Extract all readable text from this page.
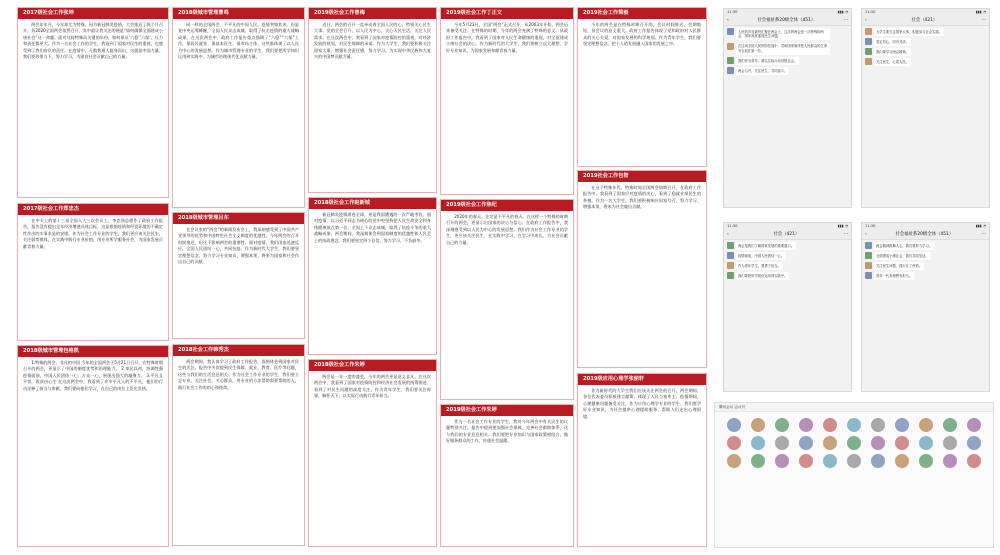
2017级社会工作张坤

两会年年开，今年却尤为特殊，因为新冠肺炎疫情，大会推迟了两个月召开。但2020全国两会依然召开，其中最让我关注的便是“如何确保全面建成小康社会”这一命题。面对这样特殊而关键的年份，如何保证‘六稳’‘六保’，压力和责任都更大。作为一名社会工作的学生，我看到了国家对民生的重视，也感受到了我们肩负的责任。在疫情中，无数普通人挺身而出，这就是中国力量。我们要珍惜当下，努力学习，为建设社会贡献自己的力量。

2017级社会工作郑忠杰

在中关上的第十三届全国人大三次会议上，李克强总理作了政府工作报告，报告没有提出全年经济增速具体目标，这是根据疫情和经贸环境的不确定性作出的实事求是的安排。作为社会工作专业的学生，我们更应该关注民生，关注弱势群体，在实践中践行专业价值，用专业所学服务社会，为国家发展贡献青春力量。

2018级城市管理包格凯

1.特殊的两会，非凡的中国 今年的全国两会于5月21日召开，在特殊时期召开的两会，更显示了中国的制度优势和治理能力。 2.奉民以初，协调性强 疫情面前，中国人民团结一心，万众一心，展现出强大的凝聚力。 3.平凡且平常，收获由心生 在这次两会中，我看到了许多平凡人的不平凡，他们用行动诠释了担当与奉献，我们要向他们学习，在自己的岗位上发光发热。

2018级城市管理曹鸣

同一样的全国两会，不平凡的中国人民。疫情突如其来，但是党中央运筹帷幄，全国人民众志成城，取得了抗击疫情的重大战略成果。在这次两会中，政府工作报告重点强调了“六稳”“六保”工作，保居民就业、保基本民生、保市场主体，这些都体现了以人民为中心的发展思想。作为城市管理专业的学生，我们要把所学知识运用到实践中，为城市治理现代化贡献力量。

2018级城市管理吕东

在会议室的“两会”的新闻发布会上，我深刻感受到了中国共产党领导的优势和中国特色社会主义制度的优越性。今年两会的召开时间推迟，但这不影响两会的重要性。面对疫情，我们国家迅速反应，全国人民团结一心，共同抗疫。作为新时代大学生，我们要坚定理想信念，努力学习专业知识，增强本领，将来为国家和社会作出自己的贡献。

2018社会工作韩秀杰

两会期间，我认真学习了政府工作报告，深刻体会到国家对民生的关注。报告中多次提到民生保障、就业、教育、医疗等问题，这些与我们的生活息息相关。作为社会工作专业的学生，我们要立足专业，关注社会，关心群众，用专业的方法帮助需要帮助的人，践行社会工作的初心和使命。

2019级社会工作曾梅

近日，两会的召开一直牵动着全国人民的心，特别关心民生大事。党的全会召开，以人民为中心，关心人民生活，关注人民需求。在这次两会中，我看到了国家对疫情防控的重视，对经济发展的规划，对民生保障的承诺。作为大学生，我们要积极关注国家大事，增强社会责任感，努力学习，为实现中华民族伟大复兴的中国梦贡献力量。

2018级社会工作赵新城

新冠肺炎疫情席卷全球，更是我国遭遇的一次严峻考验。面对疫情，以习近平同志为核心的党中央坚持把人民生命安全和身体健康放在第一位，全国上下众志成城，取得了抗疫斗争的重大战略成果。两会期间，我深刻体会到国家制度的优越性和人民至上的执政理念。我们要坚定四个自信，努力学习，不负韶华。

2018级社会工作朱婷

两会是一年一度的盛会，今年的两会更是意义非凡。在这次两会中，我看到了国家对疫情防控和经济社会发展的统筹推进，看到了对民生问题的高度关注。作为青年学生，我们要关注时事，胸怀天下，以实际行动践行青年担当。

2019级社会工作丁正文

今年5月21日，全国“两会”正式召开，从2003年开始，两会历来备受关注。在特殊的时期，今年的两会充满了特殊的意义。从政府工作报告中，我看到了国家对人民生命健康的重视，对全面建成小康社会的决心。作为新时代的大学生，我们要树立远大理想，学好专业知识，为国家发展奉献青春力量。

2019级社会工作焦纪

2020年的春天，注定是不平凡的春天。在这样一个特殊的时期召开的两会，更显示出国家的决心与信心。在政府工作报告中，我深刻感受到以人民为中心的发展思想。我们作为社会工作专业的学生，更应该关注民生，在实践中学习，在学习中成长，为社会贡献自己的力量。

2019级社会工作朱婷

作为一名社会工作专业的学生，我对今年两会中有关民生的议题特别关注。报告中提到要加强社会保障，完善社会救助体系，这与我们的专业息息相关。我们要把专业知识与国家政策相结合，做好服务群众的工作，传递社会温暖。

2019社会工作简毅

今年的两会是在特殊时期召开的，会议时间推迟，会期缩短，但会议的意义重大。政府工作报告体现了党和政府对人民群众的关心关爱，对国家发展的科学规划。作为青年学生，我们要坚定理想信念，把个人的发展融入国家的发展之中。

2019社会工作包智

在这个特殊年代，特殊时间全国两会如期召开，在政府工作报告中，我看到了国家应对疫情的决心，看到了稳就业保民生的举措。作为一名大学生，我们要积极响应国家号召，努力学习，增强本领，将来为社会做出贡献。

2019级应用心理学张丽轩

作为新时代的大学生我们应该关注两会的召开。两会期间，各位代表委员积极建言献策，体现了人民当家作主。疫情期间，心理健康问题备受关注，作为应用心理学专业的学生，我们要学好专业知识，为社会提供心理援助服务，帮助人们走出心理困境。

11:30	▮▮▮ ◔
‹	社会福祉系20级全体（451）	···
人民的声音最终汇聚在两会上，这次的两会是一次特殊的两会，国家高度重视民生问题。
在这场全国人民的防控战中，党和国家始终把人民群众的生命安全放在第一位。
我们作为青年，要以实际行动回报社会。
两会召开，关注民生，共同奋斗。
11:30	▮▮▮ ◔
‹	社会（421）	···
大学生要关注国家大事，积极参与社会实践。
坚定信心，同舟共济。
我们要学习两会精神。
关注民生，心系人民。
11:30	▮▮▮ ◔
‹	社会（421）	···
两会是我们了解国家发展的重要窗口。
疫情面前，中国人民团结一心。
作为青年学生，要勇于担当。
我们要把所学知识运用到实践中。
11:30	▮▮▮ ◔
‹	社会福祉系20级全体（451）	···
两会精神鼓舞人心，我们要努力学习。
全面建成小康社会，我们共同见证。
关注民生问题，践行社工使命。
青年一代有理想有担当。
腾讯会议 会议号
